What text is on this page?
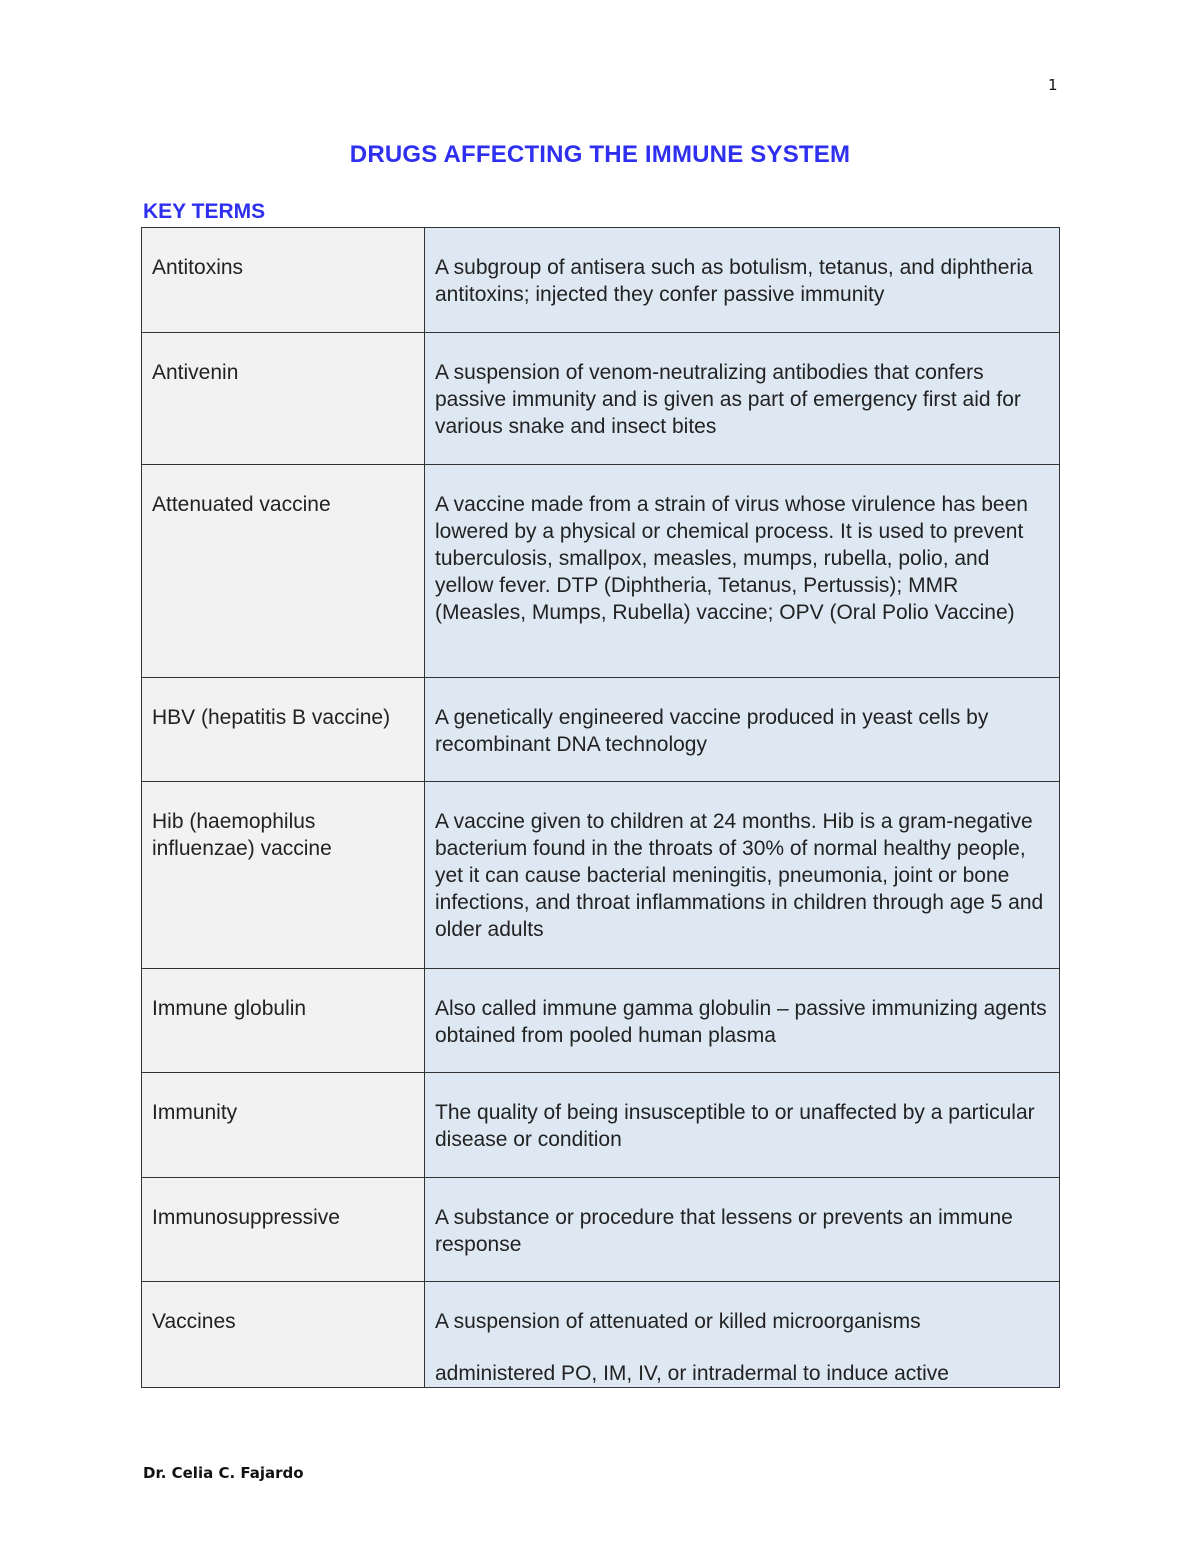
1
DRUGS AFFECTING THE IMMUNE SYSTEM
KEY TERMS
Antitoxins	A subgroup of antisera such as botulism, tetanus, and diphtheria antitoxins; injected they confer passive immunity
Antivenin	A suspension of venom-neutralizing antibodies that confers passive immunity and is given as part of emergency first aid for various snake and insect bites
Attenuated vaccine	A vaccine made from a strain of virus whose virulence has been lowered by a physical or chemical process. It is used to prevent tuberculosis, smallpox, measles, mumps, rubella, polio, and yellow fever. DTP (Diphtheria, Tetanus, Pertussis); MMR (Measles, Mumps, Rubella) vaccine; OPV (Oral Polio Vaccine)
HBV (hepatitis B vaccine)	A genetically engineered vaccine produced in yeast cells by recombinant DNA technology
Hib (haemophilus influenzae) vaccine	A vaccine given to children at 24 months. Hib is a gram-negative bacterium found in the throats of 30% of normal healthy people, yet it can cause bacterial meningitis, pneumonia, joint or bone infections, and throat inflammations in children through age 5 and older adults
Immune globulin	Also called immune gamma globulin – passive immunizing agents obtained from pooled human plasma
Immunity	The quality of being insusceptible to or unaffected by a particular disease or condition
Immunosuppressive	A substance or procedure that lessens or prevents an immune response
Vaccines	A suspension of attenuated or killed microorganisms
administered PO, IM, IV, or intradermal to induce active
Dr. Celia C. Fajardo
